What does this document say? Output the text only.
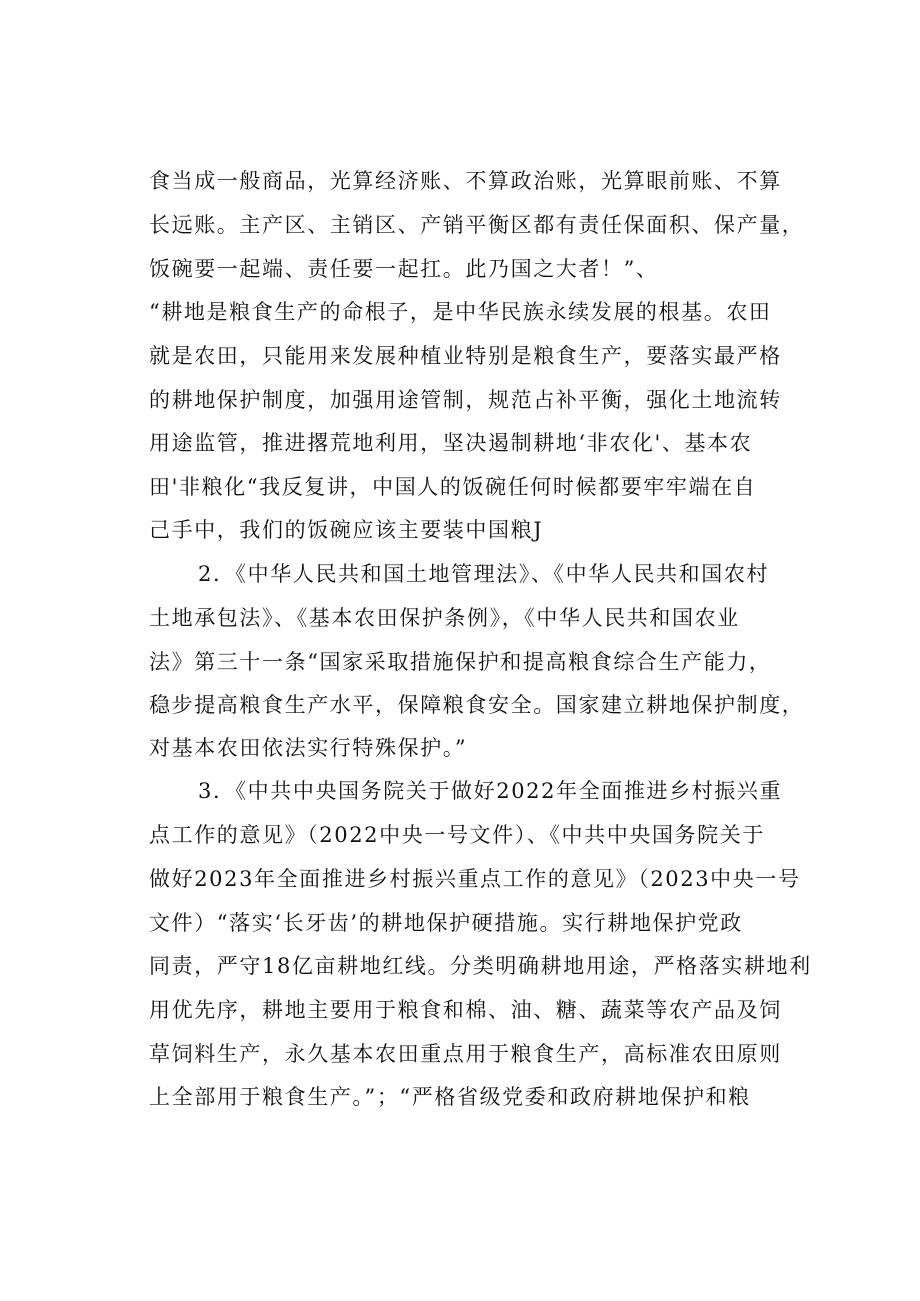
食当成一般商品，光算经济账、不算政治账，光算眼前账、不算
长远账。主产区、主销区、产销平衡区都有责任保面积、保产量，
饭碗要一起端、责任要一起扛。此乃国之大者！”、
“耕地是粮食生产的命根子，是中华民族永续发展的根基。农田
就是农田，只能用来发展种植业特别是粮食生产，要落实最严格
的耕地保护制度，加强用途管制，规范占补平衡，强化土地流转
用途监管，推进撂荒地利用，坚决遏制耕地‘非农化'、基本农
田'非粮化“我反复讲，中国人的饭碗任何时候都要牢牢端在自
己手中，我们的饭碗应该主要装中国粮J
2．《中华人民共和国土地管理法》、《中华人民共和国农村
土地承包法》、《基本农田保护条例》，《中华人民共和国农业
法》第三十一条“国家采取措施保护和提高粮食综合生产能力，
稳步提高粮食生产水平，保障粮食安全。国家建立耕地保护制度，
对基本农田依法实行特殊保护。”
3．《中共中央国务院关于做好2022年全面推进乡村振兴重
点工作的意见》（2022中央一号文件）、《中共中央国务院关于
做好2023年全面推进乡村振兴重点工作的意见》（2023中央一号
文件）“落实‘长牙齿’的耕地保护硬措施。实行耕地保护党政
同责，严守18亿亩耕地红线。分类明确耕地用途，严格落实耕地利
用优先序，耕地主要用于粮食和棉、油、糖、蔬菜等农产品及饲
草饲料生产，永久基本农田重点用于粮食生产，高标准农田原则
上全部用于粮食生产。”；“严格省级党委和政府耕地保护和粮
